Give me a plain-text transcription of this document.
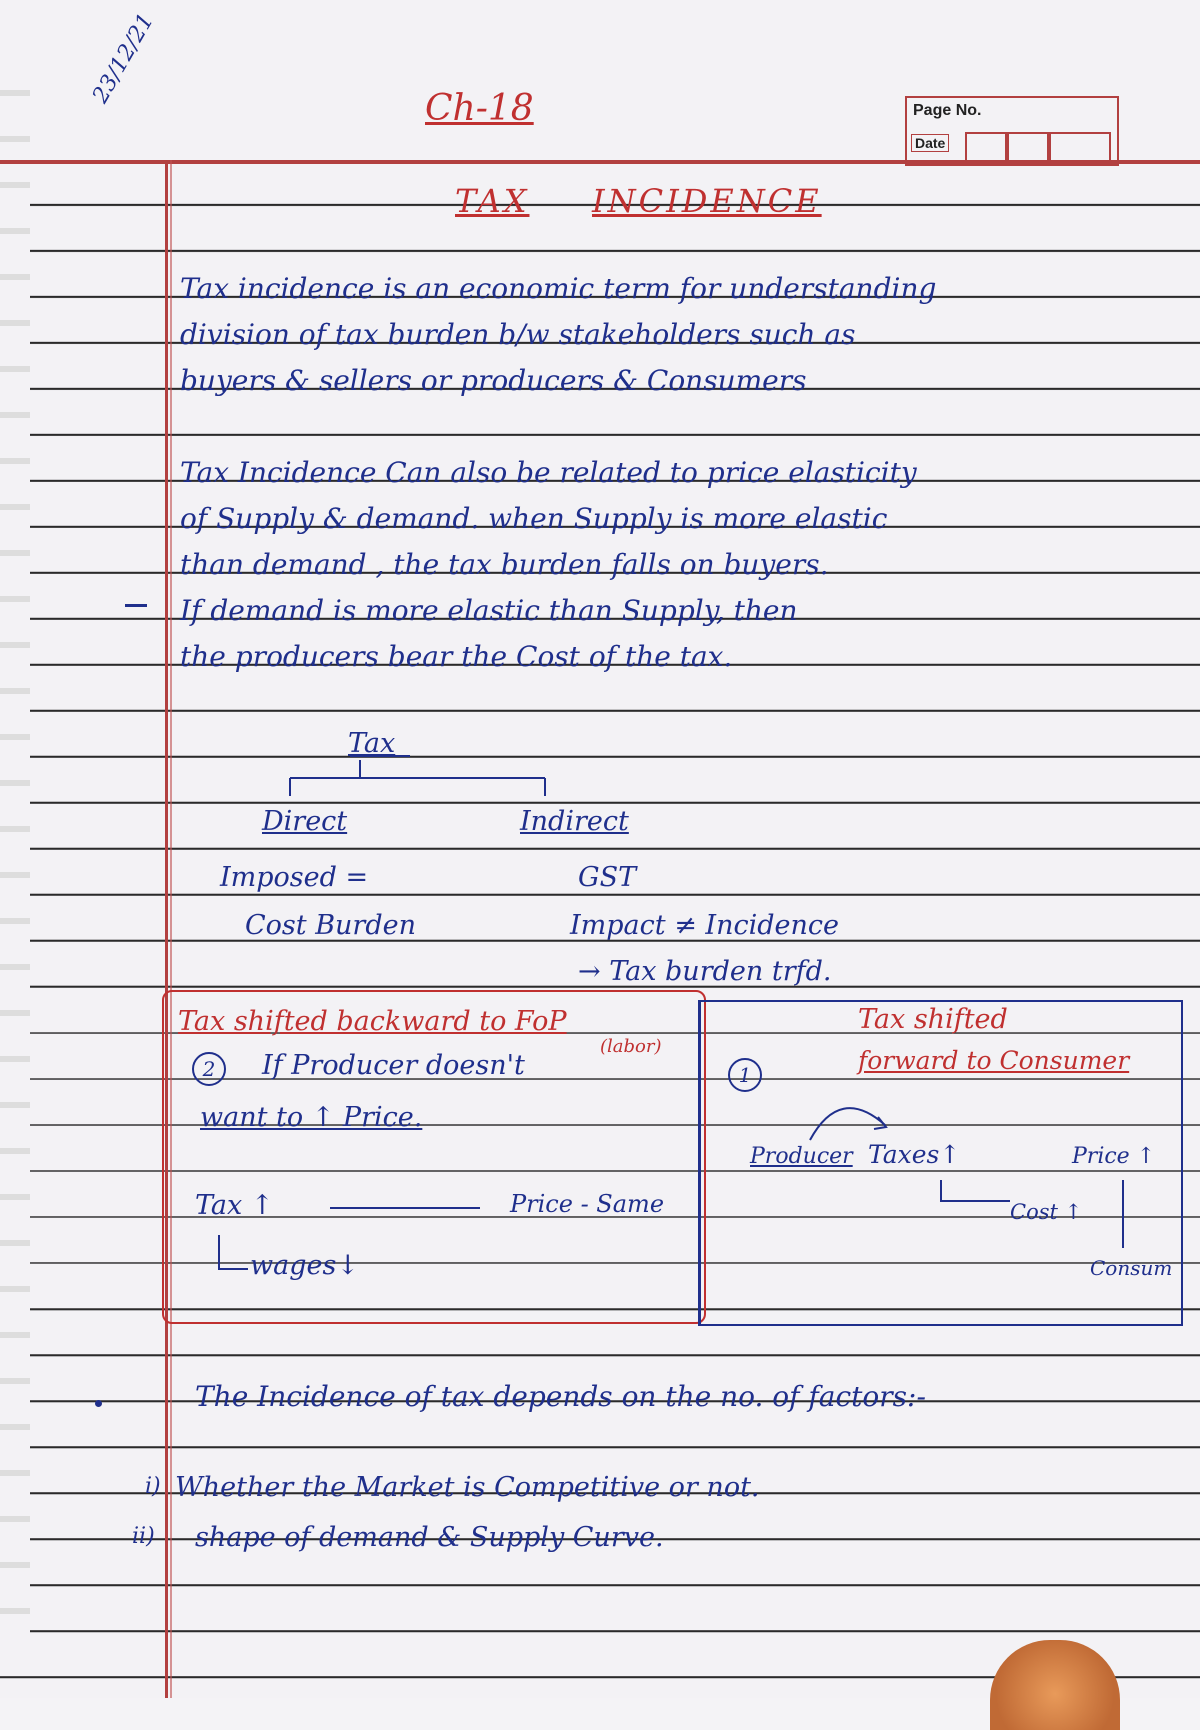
23/12/21
Ch-18	Page No.
Date
TAX INCIDENCE
Tax incidence is an economic term for understanding
division of tax burden b/w stakeholders such as
buyers & sellers or producers & Consumers
Tax Incidence Can also be related to price elasticity
of Supply & demand. when Supply is more elastic
than demand , the tax burden falls on buyers.
If demand is more elastic than Supply, then
the producers bear the Cost of the tax.
Tax
Direct	Indirect
Imposed =
Cost Burden
GST
Impact ≠ Incidence
→ Tax burden trfd.
Tax shifted backward to FoP
(labor)
2	If Producer doesn't
want to ↑ Price.
Tax ↑	Price - Same
wages↓
Tax shifted
forward to Consumer
1
Producer Taxes↑	Price ↑
Cost ↑
Consum
The Incidence of tax depends on the no. of factors:-
i) Whether the Market is Competitive or not.
ii) shape of demand & Supply Curve.
